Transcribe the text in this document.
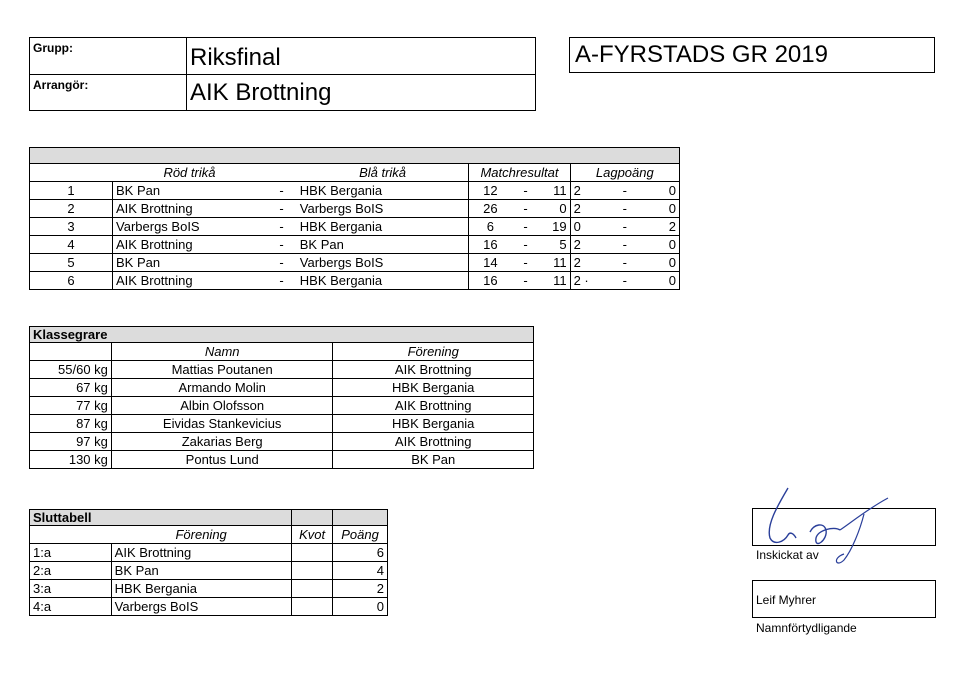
Grupp:	Riksfinal
Arrangör:	AIK Brottning
A-FYRSTADS GR 2019

	Röd trikå		Blå trikå	Matchresultat			Lagpoäng		
1	BK Pan	-	HBK Bergania	12	-	11	2	-	0
2	AIK Brottning	-	Varbergs BoIS	26	-	0	2	-	0
3	Varbergs BoIS	-	HBK Bergania	6	-	19	0	-	2
4	AIK Brottning	-	BK Pan	16	-	5	2	-	0
5	BK Pan	-	Varbergs BoIS	14	-	11	2	-	0
6	AIK Brottning	-	HBK Bergania	16	-	11	2 ·	-	0
Klassegrare		
	Namn	Förening
55/60 kg	Mattias Poutanen	AIK Brottning
67 kg	Armando Molin	HBK Bergania
77 kg	Albin Olofsson	AIK Brottning
87 kg	Eividas Stankevicius	HBK Bergania
97 kg	Zakarias Berg	AIK Brottning
130 kg	Pontus Lund	BK Pan
Sluttabell			
	Förening	Kvot	Poäng
1:a	AIK Brottning		6
2:a	BK Pan		4
3:a	HBK Bergania		2
4:a	Varbergs BoIS		0
Inskickat av
Leif Myhrer
Namnförtydligande
